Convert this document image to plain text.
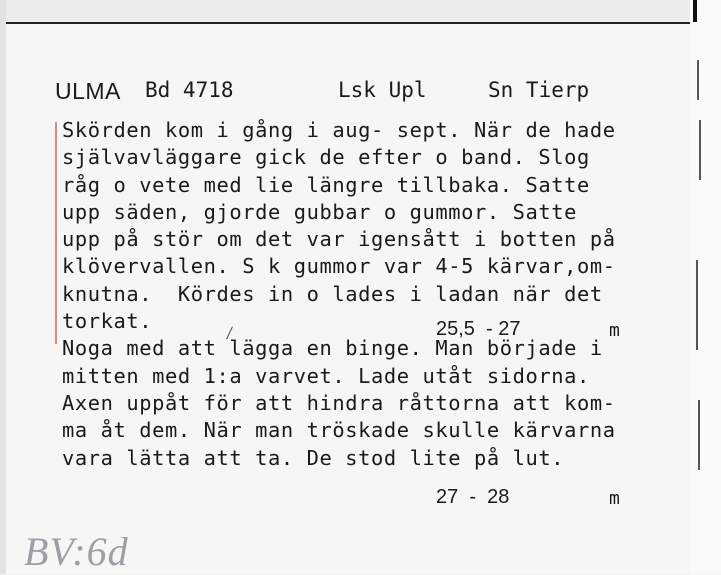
ULMA Bd 4718	Lsk Upl	Sn Tierp
Skörden kom i gång i aug- sept. När de hade
självavläggare gick de efter o band. Slog
råg o vete med lie längre tillbaka. Satte
upp säden, gjorde gubbar o gummor. Satte
upp på stör om det var igensått i botten på
klövervallen. S k gummor var 4-5 kärvar,om-
knutna.  Kördes in o lades i ladan när det
torkat.
Noga med att lägga en binge. Man började i
mitten med 1:a varvet. Lade utåt sidorna.
Axen uppåt för att hindra råttorna att kom-
ma åt dem. När man tröskade skulle kärvarna
vara lätta att ta. De stod lite på lut.
25,5  - 27	m
27  -  28	m
BV:6d
